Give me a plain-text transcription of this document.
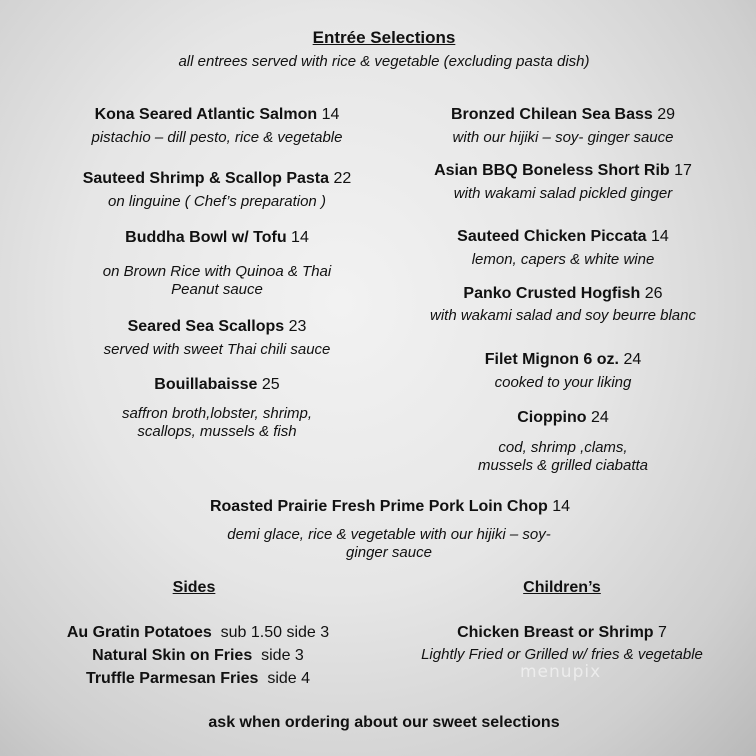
Entrée Selections
all entrees served with rice & vegetable (excluding pasta dish)
Kona Seared Atlantic Salmon 14
pistachio – dill pesto, rice & vegetable
Sauteed Shrimp & Scallop Pasta 22
on linguine ( Chef’s preparation )
Buddha Bowl w/ Tofu 14
on Brown Rice with Quinoa & Thai
Peanut sauce
Seared Sea Scallops 23
served with sweet Thai chili sauce
Bouillabaisse 25
saffron broth,lobster, shrimp,
scallops, mussels & fish
Bronzed Chilean Sea Bass 29
with our hijiki – soy- ginger sauce
Asian BBQ Boneless Short Rib 17
with wakami salad pickled ginger
Sauteed Chicken Piccata 14
lemon, capers & white wine
Panko Crusted Hogfish 26
with wakami salad and soy beurre blanc
Filet Mignon 6 oz. 24
cooked to your liking
Cioppino 24
cod, shrimp ,clams,
mussels & grilled ciabatta
Roasted Prairie Fresh Prime Pork Loin Chop 14
demi glace, rice & vegetable with our hijiki – soy-
ginger sauce
Sides
Au Gratin Potatoes sub 1.50 side 3
Natural Skin on Fries side 3
Truffle Parmesan Fries side 4
Children’s
Chicken Breast or Shrimp 7
Lightly Fried or Grilled w/ fries & vegetable
menupix
ask when ordering about our sweet selections
